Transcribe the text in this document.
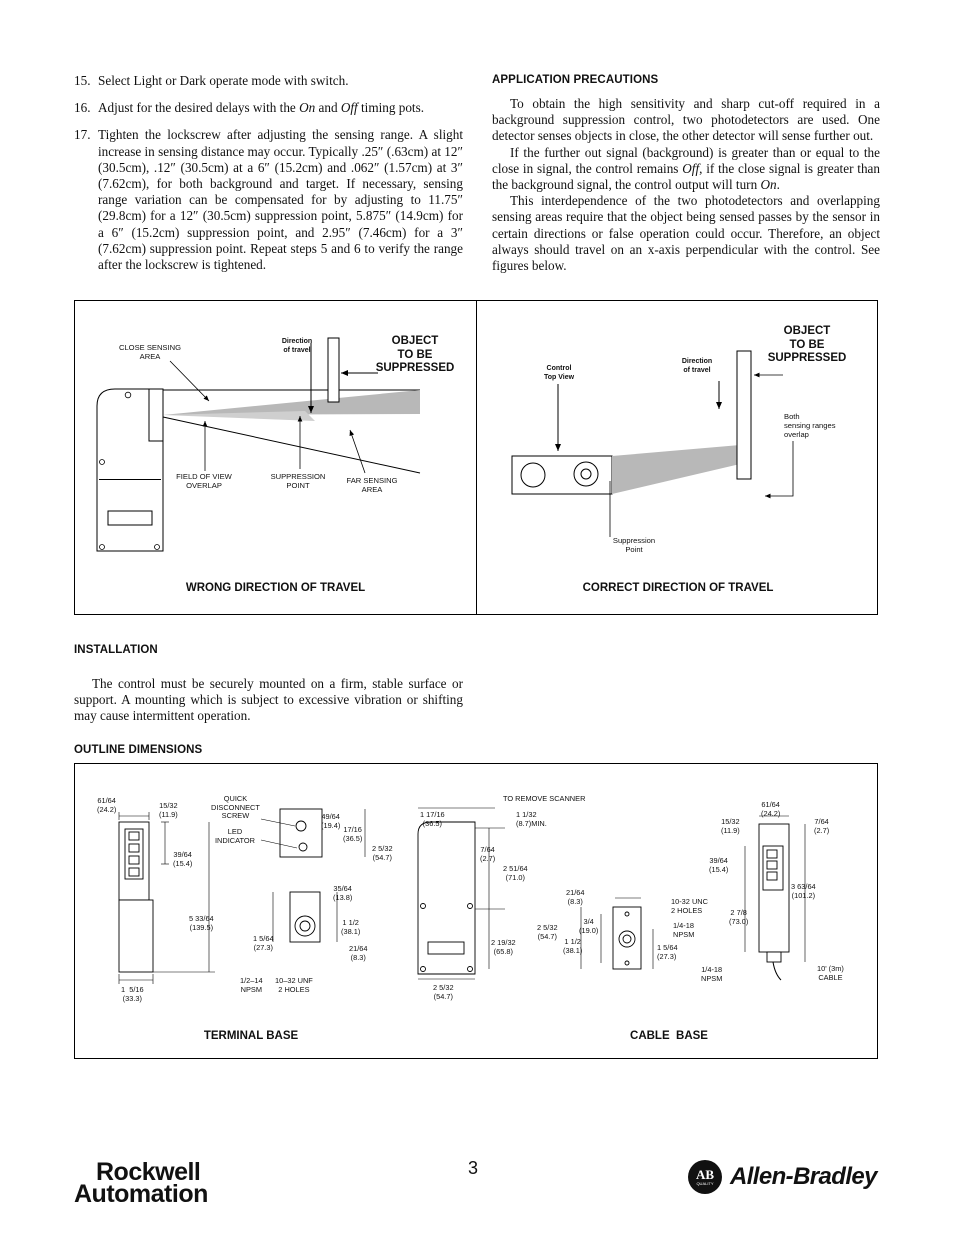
15. Select Light or Dark operate mode with switch.
16. Adjust for the desired delays with the On and Off timing pots.
17. Tighten the lockscrew after adjusting the sensing range. A slight increase in sensing distance may occur. Typically .25″ (.63cm) at 12″ (30.5cm), .12″ (30.5cm) at a 6″ (15.2cm) and .062″ (1.57cm) at 3″ (7.62cm), for both background and target. If necessary, sensing range variation can be compensated for by adjusting to 11.75″ (29.8cm) for a 12″ (30.5cm) suppression point, 5.875″ (14.9cm) for a 6″ (15.2cm) suppression point, and 2.95″ (7.46cm) for a 3″ (7.62cm) suppression point. Repeat steps 5 and 6 to verify the range after the lockscrew is tightened.
APPLICATION PRECAUTIONS

To obtain the high sensitivity and sharp cut-off required in a background suppression control, two photodetectors are used. One detector senses objects in close, the other detector will sense further out.

If the further out signal (background) is greater than or equal to the close in signal, the control remains Off, if the close signal is greater than the background signal, the control output will turn On.

This interdependence of the two photodetectors and overlapping sensing areas require that the object being sensed passes by the sensor in certain directions or false operation could occur. Therefore, an object always should travel on an x-axis perpendicular with the control. See figures below.

CLOSE SENSING
AREA
Direction
of travel
OBJECT
TO BE
SUPPRESSED
FIELD OF VIEW
OVERLAP
SUPPRESSION
POINT
FAR SENSING
AREA
WRONG DIRECTION OF TRAVEL
OBJECT
TO BE
SUPPRESSED
Control
Top View
Direction
of travel
Both
sensing ranges
overlap
Suppression
Point
CORRECT DIRECTION OF TRAVEL
INSTALLATION
The control must be securely mounted on a firm, stable surface or support. A mounting which is subject to excessive vibration or shifting may cause intermittent operation.
OUTLINE DIMENSIONS
61/64
(24.2)	15/32
(11.9)
39/64
(15.4)
5 33/64
(139.5)
1  5/16
(33.3)
QUICK
DISCONNECT
SCREW
LED
INDICATOR
49/64
(19.4) 17/16
(36.5)
2 5/32
(54.7)
35/64
(13.8)
1 1/2
(38.1)
1 5/64
(27.3)	21/64
(8.3)
1/2–14
NPSM
10–32 UNF
2 HOLES
TO REMOVE SCANNER
1 17/16
(36.5)
1 1/32
(8.7)MIN.
7/64
(2.7)
2 51/64
(71.0)
2 19/32
(65.8)
2 5/32
(54.7)
21/64
(8.3)
3/4
(19.0)
2 5/32
(54.7)
1 1/2
(38.1)
10-32 UNC
2 HOLES
1/4-18
NPSM
1 5/64
(27.3)
61/64
(24.2)
15/32
(11.9)
7/64
(2.7)
39/64
(15.4)
3 63/64
(101.2)
2 7/8
(73.0)
1/4-18
NPSM
10' (3m)
CABLE
TERMINAL BASE	CABLE  BASE
Rockwell
Automation
3	AB
QUALITY Allen-Bradley
